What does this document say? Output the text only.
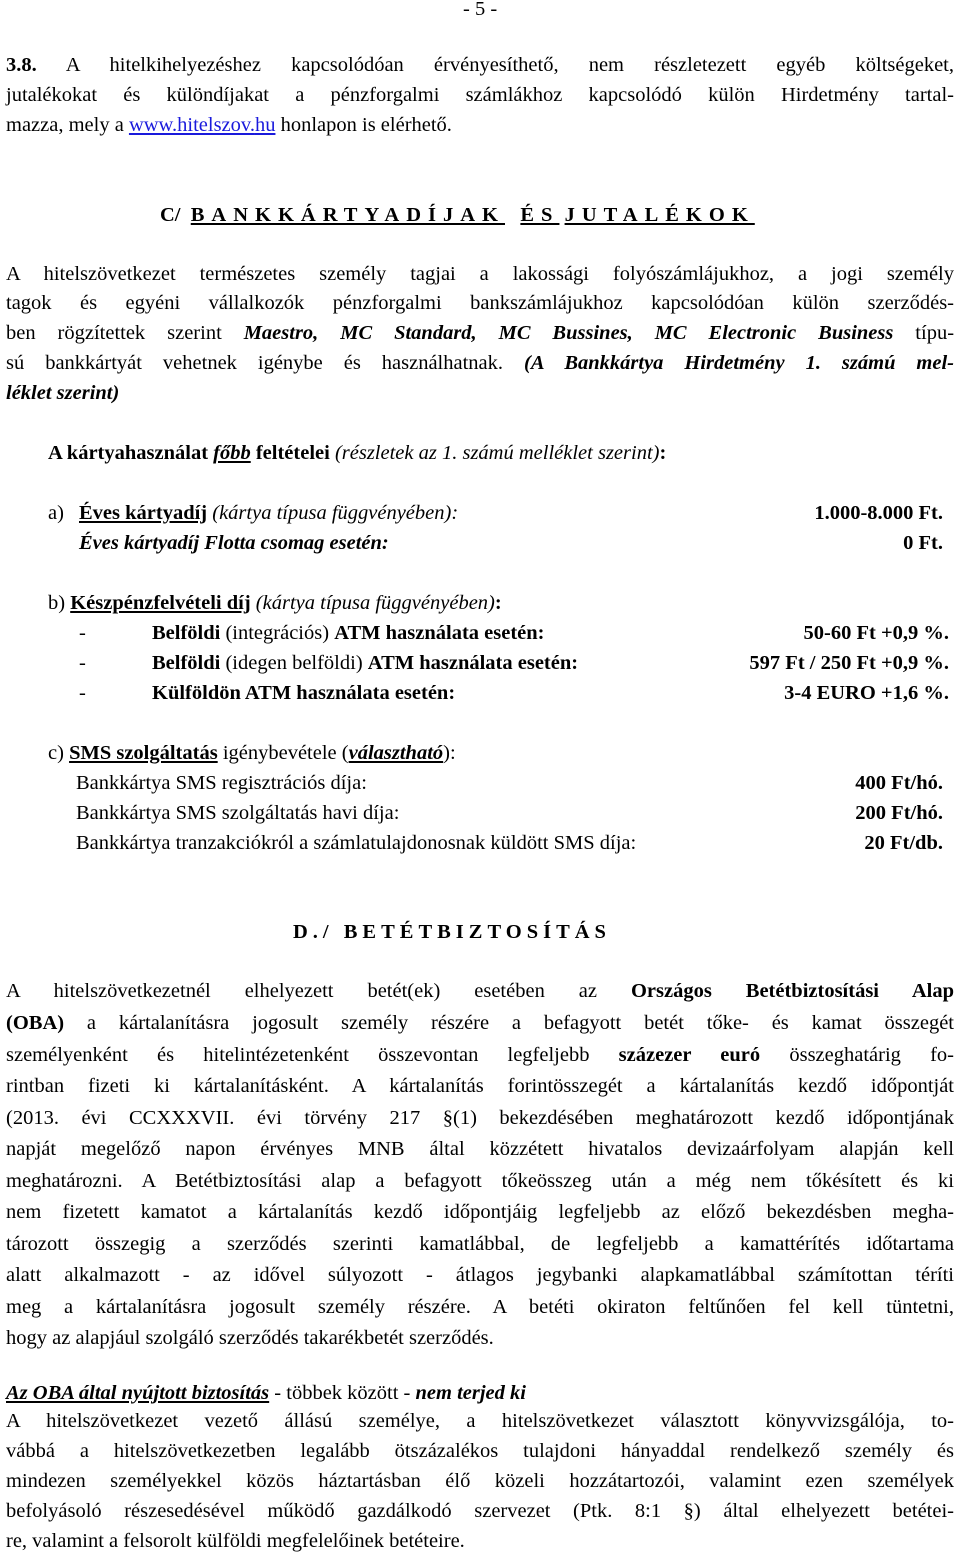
- 5 -
3.8. A hitelkihelyezéshez kapcsolódóan érvényesíthető, nem részletezett egyéb költségeket,
jutalékokat és különdíjakat a pénzforgalmi számlákhoz kapcsolódó külön Hirdetmény tartal-
mazza, mely a www.hitelszov.hu honlapon is elérhető.
C/ BANKKÁRTYADÍJAK ÉS JUTALÉKOK
A hitelszövetkezet természetes személy tagjai a lakossági folyószámlájukhoz, a jogi személy
tagok és egyéni vállalkozók pénzforgalmi bankszámlájukhoz kapcsolódóan külön szerződés-
ben rögzítettek szerint Maestro, MC Standard, MC Bussines, MC Electronic Business típu-
sú bankkártyát vehetnek igénybe és használhatnak. (A Bankkártya Hirdetmény 1. számú mel-
léklet szerint)
A kártyahasználat főbb feltételei (részletek az 1. számú melléklet szerint):
a) Éves kártyadíj (kártya típusa függvényében):	1.000-8.000 Ft.
Éves kártyadíj Flotta csomag esetén:	0 Ft.
b) Készpénzfelvételi díj (kártya típusa függvényében):
-	Belföldi (integrációs) ATM használata esetén:	50-60 Ft +0,9 %.
-	Belföldi (idegen belföldi) ATM használata esetén:	597 Ft / 250 Ft +0,9 %.
-	Külföldön ATM használata esetén:	3-4 EURO +1,6 %.
c) SMS szolgáltatás igénybevétele (választható):
Bankkártya SMS regisztrációs díja:	400 Ft/hó.
Bankkártya SMS szolgáltatás havi díja:	200 Ft/hó.
Bankkártya tranzakciókról a számlatulajdonosnak küldött SMS díja:	20 Ft/db.
D./ BETÉTBIZTOSÍTÁS
A hitelszövetkezetnél elhelyezett betét(ek) esetében az Országos Betétbiztosítási Alap
(OBA) a kártalanításra jogosult személy részére a befagyott betét tőke- és kamat összegét
személyenként és hitelintézetenként összevontan legfeljebb százezer euró összeghatárig fo-
rintban fizeti ki kártalanításként. A kártalanítás forintösszegét a kártalanítás kezdő időpontját
(2013. évi CCXXXVII. évi törvény 217 §(1) bekezdésében meghatározott kezdő időpontjának
napját megelőző napon érvényes MNB által közzétett hivatalos devizaárfolyam alapján kell
meghatározni. A Betétbiztosítási alap a befagyott tőkeösszeg után a még nem tőkésített és ki
nem fizetett kamatot a kártalanítás kezdő időpontjáig legfeljebb az előző bekezdésben megha-
tározott összegig a szerződés szerinti kamatlábbal, de legfeljebb a kamattérítés időtartama
alatt alkalmazott - az idővel súlyozott - átlagos jegybanki alapkamatlábbal számítottan téríti
meg a kártalanításra jogosult személy részére. A betéti okiraton feltűnően fel kell tüntetni,
hogy az alapjául szolgáló szerződés takarékbetét szerződés.
Az OBA által nyújtott biztosítás - többek között - nem terjed ki
A hitelszövetkezet vezető állású személye, a hitelszövetkezet választott könyvvizsgálója, to-
vábbá a hitelszövetkezetben legalább ötszázalékos tulajdoni hányaddal rendelkező személy és
mindezen személyekkel közös háztartásban élő közeli hozzátartozói, valamint ezen személyek
befolyásoló részesedésével működő gazdálkodó szervezet (Ptk. 8:1 §) által elhelyezett betétei-
re, valamint a felsorolt külföldi megfelelőinek betéteire.
